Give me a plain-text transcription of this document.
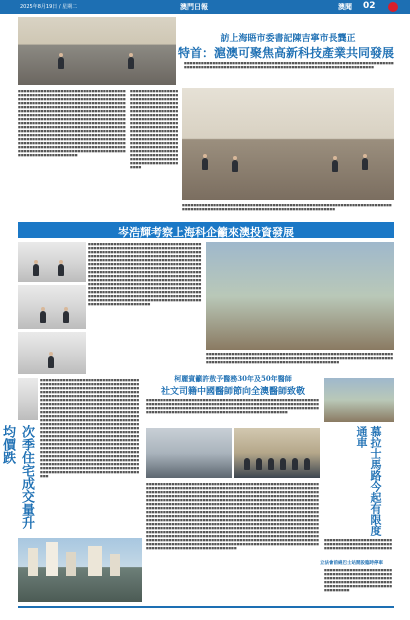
2025年8月19日 / 星期二	澳門日報	澳聞 02
訪上海晤市委書記陳吉寧市長龔正
特首：滬澳可聚焦高新科技產業共同發展
■■■■■■■■■■■■■■■■■■■■■■■■■■■■■■■■■■■■■■■■■■■■■■■■■■■■■■■■■■■■■■■■■■■■■■■■■■■■■■■■■■■■■■■■■■■■■■■■■■■■■■■■■■■■■■■■■■■■■■■■■■■■■■■■■■■■■■■■■■■■■
■■■■■■■■■■■■■■■■■■■■■■■■■■■■■■■■■■■■■■■■■■■■■■■■■■■■■■■■■■■■■■■■■■■■■■■■■■■■■■■■■■■■■■■■■■■■■■■■■■■■■■■■■■■■■■■■■■■■■■■■■■■■■■■■■■■■■■■■■■■■■■■■■■■■■■■■■■■■■■■■■■■■■■■■■■■■■■■■■■■■■■■■■■■■■■■■■■■■■■■■■■■■■■■■■■■■■■■■■■■■■■■■■■■■■■■■■■■■■■■■■■■■■■■■■■■■■■■■■■■■■■■■■■■■■■■■■■■■■■■■■■■■■■■■■■■■■■■■■■■■■■■■■■■■■■■■■■■■■■■■■■■■■■■■■■■■■■■■■■■■■■■■■■■■■■■■■■■■■■■■■■■■■■■■■■■■■■■■■■■■■■■■■■■■■■■■■■■■■■■■■■■■■■■■■■■■■■■■■■■■■■■■■■■■■■■■■■■■■■■■■■■■■■■■■■■■■■■■■■■■■■■■■■■■■■■■■■■■■■■■■■■■■■■■■■■■■■■■■■■■■■■■■■■■■■■■■■■■■■■■■■■■■■■■■■■■■■■■■■■■■■■■■■■■■■■■■■■■■■■■■■■■■■■■■■■■■■■■■■■■■■■■■■■■■■■■■■■■■■■■■■■■■■■■■■■■■■■■■■■■■■■■■■■■■
■■■■■■■■■■■■■■■■■■■■■■■■■■■■■■■■■■■■■■■■■■■■■■■■■■■■■■■■■■■■■■■■■■■■■■■■■■■■■■■■■■■■■■■■■■■■■■■■■■■■■■■■■■■■■■■■■■■■■■■■■■■■■■■■■■■■■■■■■■■■■■■■■■■■■■■■■■■■■■■■■■■■■■■■■■■■■■■■■■■■■■■■■■■■■■■■■■■■■■■■■■■■■■■■■■■■■■■■■■■■■■■■■■■■■■■■■■■■■■■■■■■■■■■■■■■■■■■■■■■■■■■■■■■■■■■■■■■■■■■■■■■■■■■■■■■■■■■■■■■■■■■■■■■■■■■■■■■■■■■■■■■■■■■
■■■■■■■■■■■■■■■■■■■■■■■■■■■■■■■■■■■■■■■■■■■■■■■■■■■■■■■■■■■■■■■■■■■■■■■■■■■■■■■■■■■■■■■■■■■■■■■■■■■■■■■■■■■■■■■■■■■■■■■■■■■■■■■■
岑浩輝考察上海科企籲來澳投資發展
■■■■■■■■■■■■■■■■■■■■■■■■■■■■■■■■■■■■■■■■■■■■■■■■■■■■■■■■■■■■■■■■■■■■■■■■■■■■■■■■■■■■■■■■■■■■■■■■■■■■■■■■■■■■■■■■■■■■■■■■■■■■■■■■■■■■■■■■■■■■■■■■■■■■■■■■■■■■■■■■■■■■■■■■■■■■■■■■■■■■■■■■■■■■■■■■■■■■■■■■■■■■■■■■■■■■■■■■■■■■■■■■■■■■■■■■■■■■■■■■■■■■■■■■■■■■■■■■■■■■■■■■■■■■■■■■■■■■■■■■■■■■■■■■■■■■■■■■■■■■■■■■■■■■■■■■■■■■■■■■■■■■■■■■■■■■■■■■■■■■■■■■■■■■■■■■■■■■■■■■■■■■■■■■■■■■■■■■■■■■■■■■■■■■■■■■■■■■■■■■■■■■■■■■■■■■■■■■■■■■■■■■■■■■■■■■■■■■■■■■■■■■■■■■■■■■■■■■■■■■■■■■■■■■■■■■■■■■■■■■■■■■■■■■■■■■■■■■■■■■■■■■■■■■■■■■■■■■■■■■■■■■■■■■■■■■■■■■■■■■■■■■■■■■■■■■■■■■■■■■■■■■■■■■■■■■■■■■■■■■■■■■■■■■■■■■■■■■■■■■■■■■■■■■■■■■■■■■■■■■■■
■■■■■■■■■■■■■■■■■■■■■■■■■■■■■■■■■■■■■■■■■■■■■■■■■■■■■■■■■■■■■■■■■■■■■■■■■■■■■■■■■■■■■■■■■■■■■■■■■■■■■■■■■■■■■■■■■■■■■■■■■■■■■■■■■■■■■■■■■■■■■■■■■■■■■■■■■■■■■■■■■■■■■■■■■■■■■■■■■■■
次季住宅成交量升均價跌
■■■■■■■■■■■■■■■■■■■■■■■■■■■■■■■■■■■■■■■■■■■■■■■■■■■■■■■■■■■■■■■■■■■■■■■■■■■■■■■■■■■■■■■■■■■■■■■■■■■■■■■■■■■■■■■■■■■■■■■■■■■■■■■■■■■■■■■■■■■■■■■■■■■■■■■■■■■■■■■■■■■■■■■■■■■■■■■■■■■■■■■■■■■■■■■■■■■■■■■■■■■■■■■■■■■■■■■■■■■■■■■■■■■■■■■■■■■■■■■■■■■■■■■■■■■■■■■■■■■■■■■■■■■■■■■■■■■■■■■■■■■■■■■■■■■■■■■■■■■■■■■■■■■■■■■■■■■■■■■■■■■■■■■■■■■■■■■■■■■■■■■■■■■■■■■■■■■■■■■■■■■■■■■■■■■■■■■■■■■■■■■■■■■■■■■■■■■■■■■■■■■■■■■■■■■■■■■■■■■■■■■■■■■■■■■■■■■■■■■■■■■■■■■■■■■■■■■■■■■■■■■■■■■■■■■■■■■■■■■■■■■■■■■■■■■■■■■■■■■■■■■■■■■■■■■■■■■■■■■■■■■■■■■■■■■■■■■■■■■■■■■■■■■■■■■■■■■■■■■■■■■■■■■■■■■■■■■■■■■■■■■■■■■■■■■■■■■■■■■■■■■■■■■■■■■■■■■■■■■■■■■■■■■■■■■■■■■■■■■■■■■■■■■■■■■■■■■■■■■■■■■■■■■■■■■■■■■■■■■■■■■■■■■■■■■■■■■■■■■■■■■■■■■■■■■■■■■■■■■■■■■■■■■■■■■■■■■■■■■■■■■■■■■■■■■■■■■■■■■■■■■■■■■■■■■■■■■■■■■■■■■■■■■■■■■■■■■■■■■■■■■■■■■■■■■■■■■■■■■■■■■■■■■■■■■■■■■■■■■■■■■
柯麗賓籲許敖予醫務30年及50年醫師
社文司籍中國醫師節向全澳醫師致敬
■■■■■■■■■■■■■■■■■■■■■■■■■■■■■■■■■■■■■■■■■■■■■■■■■■■■■■■■■■■■■■■■■■■■■■■■■■■■■■■■■■■■■■■■■■■■■■■■■■■■■■■■■■■■■■■■■■■■■■■■■■■■■■■■■■■■■■■■■■■■■■■■■■■■■■■■■■■■■■■■■■■■■■■■■■■■■■■■■■■■■■■■■■■■■■■■■■■■■■■■■■■■■■■■■■■■■■■■■■■■■■■■■■■■■■■■■
■■■■■■■■■■■■■■■■■■■■■■■■■■■■■■■■■■■■■■■■■■■■■■■■■■■■■■■■■■■■■■■■■■■■■■■■■■■■■■■■■■■■■■■■■■■■■■■■■■■■■■■■■■■■■■■■■■■■■■■■■■■■■■■■■■■■■■■■■■■■■■■■■■■■■■■■■■■■■■■■■■■■■■■■■■■■■■■■■■■■■■■■■■■■■■■■■■■■■■■■■■■■■■■■■■■■■■■■■■■■■■■■■■■■■■■■■■■■■■■■■■■■■■■■■■■■■■■■■■■■■■■■■■■■■■■■■■■■■■■■■■■■■■■■■■■■■■■■■■■■■■■■■■■■■■■■■■■■■■■■■■■■■■■■■■■■■■■■■■■■■■■■■■■■■■■■■■■■■■■■■■■■■■■■■■■■■■■■■■■■■■■■■■■■■■■■■■■■■■■■■■■■■■■■■■■■■■■■■■■■■■■■■■■■■■■■■■■■■■■■■■■■■■■■■■■■■■■■■■■■■■■■■■■■■■■■■■■■■■■■■■■■■■■■■■■■■■■■■■■■■■■■■■■■■■■■■■■■■■■■■■■■■■■■■■■■■■■■■■■■■■■■■■■■■■■■■■■■■■■■■■■■■■■■■■■■■■■■■■■■■■■■■■■■■■■■■■■■■■■■■■■■■■■■■■■■■■■■■■■■■■■■■■■■■■■■■■■■■■■■■■■■■■■■■■■■■■■■■■■■■■■■■■■■■■■■■■■■■■■■■■■■■■■■■■■■■■■■■■■■■■■■■■■■■■■■■■■■■■■■■■■■■■■■■■■■■■■■■■■■■■■■■■■■■■■■■■■■■■■■■■■■■■■■■■■■■■■■■■■■■■■■■■■■■■■■■■■■■■■■■■■■■■■■■■■■■■■■■■■■■■■■■■■■■■■■■■■■■■■■■■■■■■■■■■■■■■■■■■■■■■■■■■■■■■■■■■■■■■■■■■■■■■■■■■■■■■■■■■■■■■■■■■■■■■■■■■■■■■■■■■■■■■■■■■■■■■■■■■■■■■■■■■■■■■■■■■■■■■■■■■■■■■■■■■■■■■■■■■■■■■■■■■■■■■■■■■■■■■■■■■■■■■■■
慕拉士馬路今起有限度通車
■■■■■■■■■■■■■■■■■■■■■■■■■■■■■■■■■■■■■■■■■■■■■■■■■■■■■■■■■■■■■■■■■■■■■■■■
立法會前綫巴士站開設臨時停車
■■■■■■■■■■■■■■■■■■■■■■■■■■■■■■■■■■■■■■■■■■■■■■■■■■■■■■■■■■■■■■■■■■■■■■■■■■■■■■■■■■■■■■■■■■■■■■■■■■■■■■■■■■■■■■■■■■■■■■■■■■■■■■■■■
